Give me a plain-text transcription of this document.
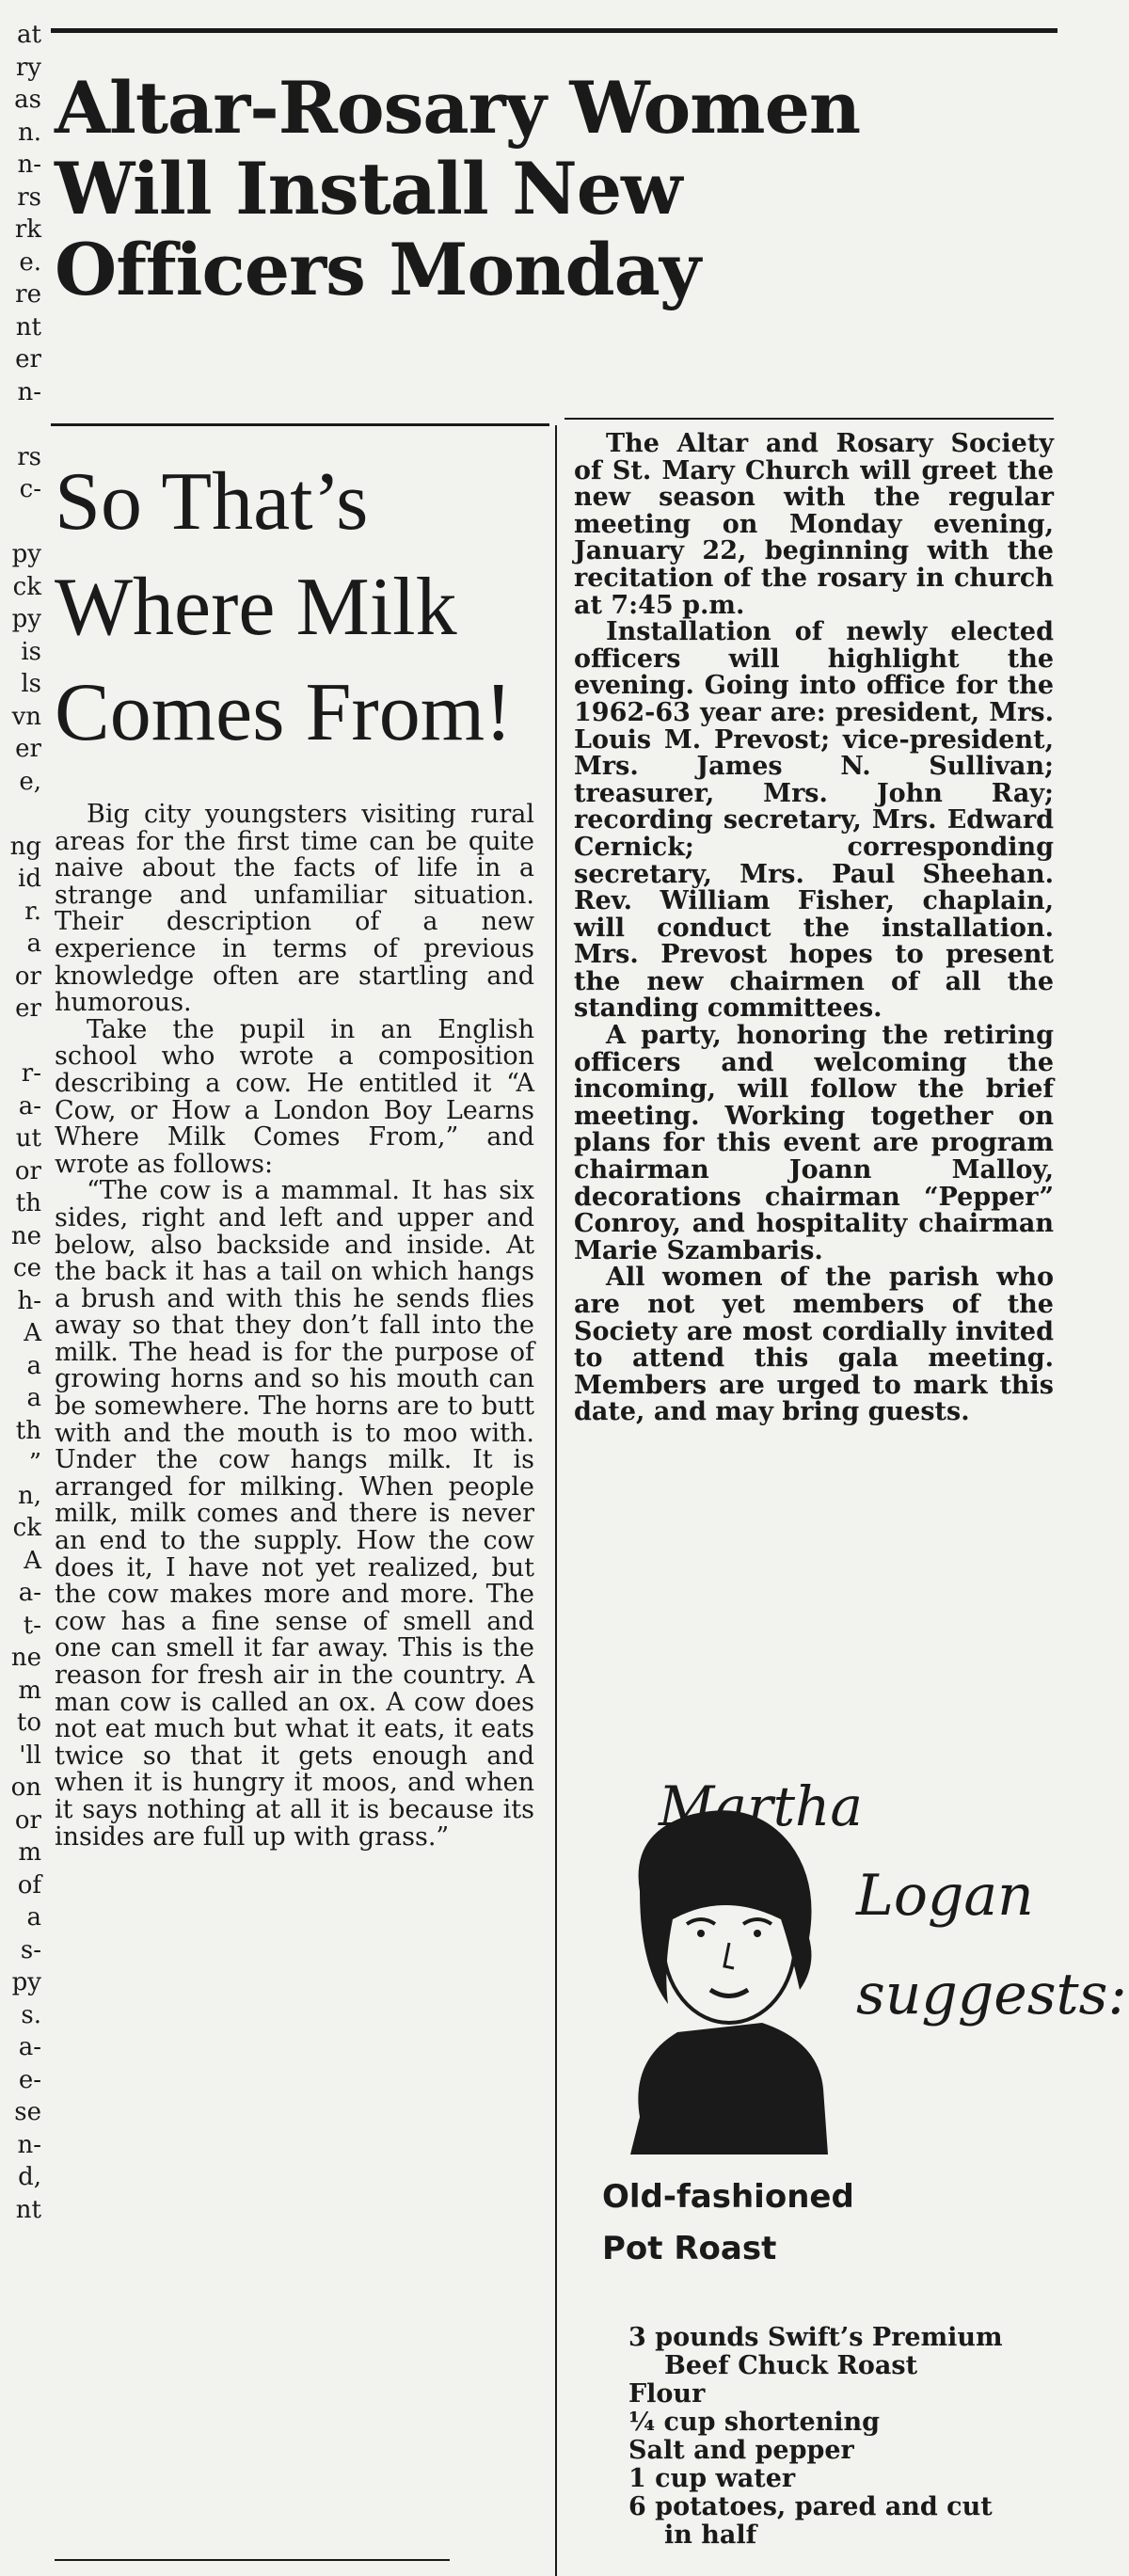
at
ry
as
n.
n-
rs
rk
e.
re
nt
er
n-

rs
c-

py
ck
py
is
ls
vn
er
e,

ng
id
r.
a
or
er

r-
a-
ut
or
th
ne
ce
h-
A
a
a
th
”
n,
ck
A
a-
t-
ne
m
to
'll
on
or
m
of
a
s-
py
s.
a-
e-
se
n-
d,
nt
Altar-Rosary Women
Will Install New
Officers Monday
So That’s
Where Milk
Comes From!

Big city youngsters visiting rural areas for the first time can be quite naive about the facts of life in a strange and unfamiliar situation. Their description of a new experience in terms of previous knowledge often are startling and humorous.

Take the pupil in an English school who wrote a composition describing a cow. He entitled it “A Cow, or How a London Boy Learns Where Milk Comes From,” and wrote as follows:

“The cow is a mammal. It has six sides, right and left and upper and below, also backside and inside. At the back it has a tail on which hangs a brush and with this he sends flies away so that they don’t fall into the milk. The head is for the purpose of growing horns and so his mouth can be somewhere. The horns are to butt with and the mouth is to moo with. Under the cow hangs milk. It is arranged for milking. When people milk, milk comes and there is never an end to the supply. How the cow does it, I have not yet realized, but the cow makes more and more. The cow has a fine sense of smell and one can smell it far away. This is the reason for fresh air in the country. A man cow is called an ox. A cow does not eat much but what it eats, it eats twice so that it gets enough and when it is hungry it moos, and when it says nothing at all it is because its insides are full up with grass.”

The Altar and Rosary Society of St. Mary Church will greet the new season with the regular meeting on Monday evening, January 22, beginning with the recitation of the rosary in church at 7:45 p.m.

Installation of newly elected officers will highlight the evening. Going into office for the 1962-63 year are: president, Mrs. Louis M. Prevost; vice-president, Mrs. James N. Sullivan; treasurer, Mrs. John Ray; recording secretary, Mrs. Edward Cernick; corresponding secretary, Mrs. Paul Sheehan. Rev. William Fisher, chaplain, will conduct the installation. Mrs. Prevost hopes to present the new chairmen of all the standing committees.

A party, honoring the retiring officers and welcoming the incoming, will follow the brief meeting. Working together on plans for this event are program chairman Joann Malloy, decorations chairman “Pepper” Conroy, and hospitality chairman Marie Szambaris.

All women of the parish who are not yet members of the Society are most cordially invited to attend this gala meeting. Members are urged to mark this date, and may bring guests.

Martha
Logan
suggests:
Old-fashioned
Pot Roast
3 pounds Swift’s Premium
Beef Chuck Roast
Flour
¼ cup shortening
Salt and pepper
1 cup water
6 potatoes, pared and cut
in half
